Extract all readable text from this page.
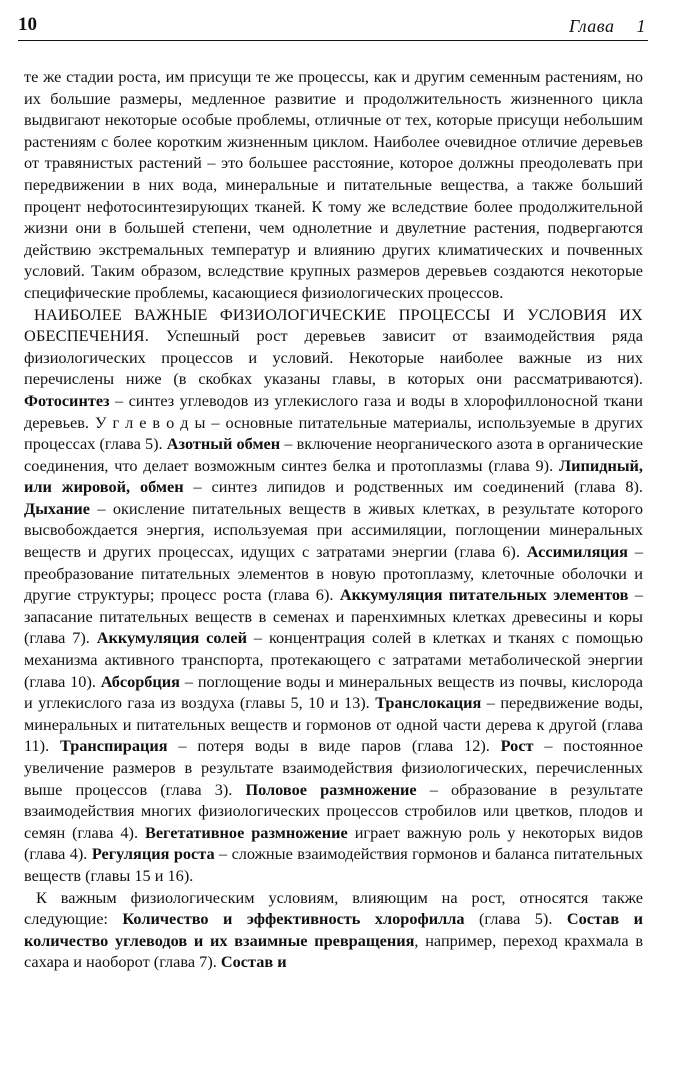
10	Глава 1

те же стадии роста, им присущи те же процессы, как и другим семенным растениям, но их большие размеры, медленное развитие и продолжительность жизненного цикла выдвигают некоторые особые проблемы, отличные от тех, которые присущи небольшим растениям с более коротким жизненным циклом. Наиболее очевидное отличие деревьев от травянистых растений – это большее расстояние, которое должны преодолевать при передвижении в них вода, минеральные и питательные вещества, а также больший процент нефотосинтезирующих тканей. К тому же вследствие более продолжительной жизни они в большей степени, чем однолетние и двулетние растения, подвергаются действию экстремальных температур и влиянию других климатических и почвенных условий. Таким образом, вследствие крупных размеров деревьев создаются некоторые специфические проблемы, касающиеся физиологических процессов.

НАИБОЛЕЕ ВАЖНЫЕ ФИЗИОЛОГИЧЕСКИЕ ПРОЦЕССЫ И УСЛОВИЯ ИХ ОБЕСПЕЧЕНИЯ. Успешный рост деревьев зависит от взаимодействия ряда физиологических процессов и условий. Некоторые наиболее важные из них перечислены ниже (в скобках указаны главы, в которых они рассматриваются). Фотосинтез – синтез углеводов из углекислого газа и воды в хлорофиллоносной ткани деревьев. У г л е в о д ы – основные питательные материалы, используемые в других процессах (глава 5). Азотный обмен – включение неорганического азота в органические соединения, что делает возможным синтез белка и протоплазмы (глава 9). Липидный, или жировой, обмен – синтез липидов и родственных им соединений (глава 8). Дыхание – окисление питательных веществ в живых клетках, в результате которого высвобождается энергия, используемая при ассимиляции, поглощении минеральных веществ и других процессах, идущих с затратами энергии (глава 6). Ассимиляция – преобразование питательных элементов в новую протоплазму, клеточные оболочки и другие структуры; процесс роста (глава 6). Аккумуляция питательных элементов – запасание питательных веществ в семенах и паренхимных клетках древесины и коры (глава 7). Аккумуляция солей – концентрация солей в клетках и тканях с помощью механизма активного транспорта, протекающего с затратами метаболической энергии (глава 10). Абсорбция – поглощение воды и минеральных веществ из почвы, кислорода и углекислого газа из воздуха (главы 5, 10 и 13). Транслокация – передвижение воды, минеральных и питательных веществ и гормонов от одной части дерева к другой (глава 11). Транспирация – потеря воды в виде паров (глава 12). Рост – постоянное увеличение размеров в результате взаимодействия физиологических, перечисленных выше процессов (глава 3). Половое размножение – образование в результате взаимодействия многих физиологических процессов стробилов или цветков, плодов и семян (глава 4). Вегетативное размножение играет важную роль у некоторых видов (глава 4). Регуляция роста – сложные взаимодействия гормонов и баланса питательных веществ (главы 15 и 16).

К важным физиологическим условиям, влияющим на рост, относятся также следующие: Количество и эффективность хлорофилла (глава 5). Состав и количество углеводов и их взаимные превращения, например, переход крахмала в сахара и наоборот (глава 7). Состав и
